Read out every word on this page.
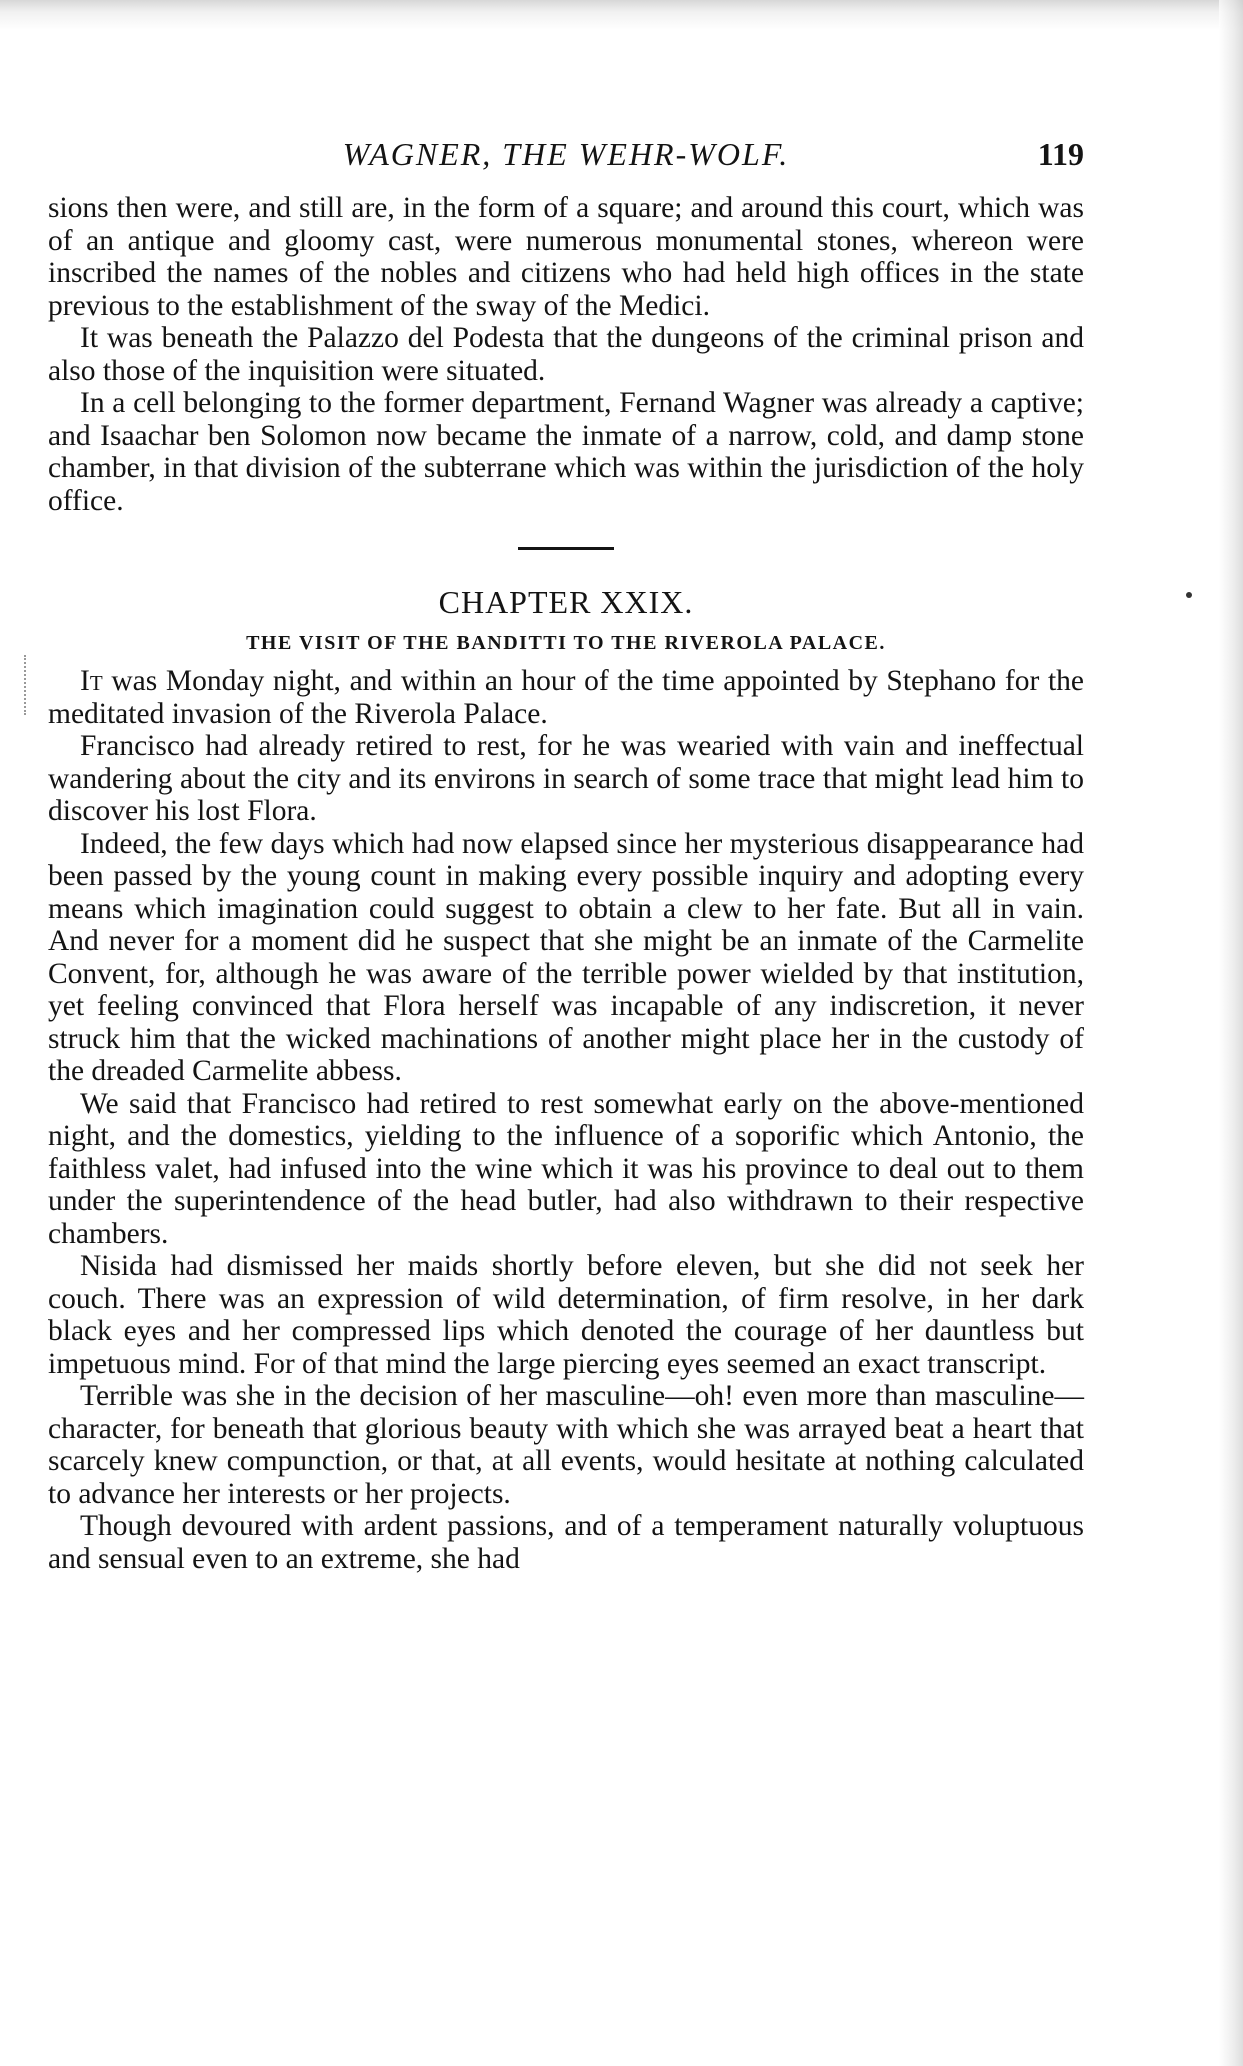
WAGNER, THE WEHR-WOLF.	119

sions then were, and still are, in the form of a square; and around this court, which was of an antique and gloomy cast, were numerous monumental stones, whereon were inscribed the names of the nobles and citizens who had held high offices in the state previous to the establishment of the sway of the Medici.

It was beneath the Palazzo del Podesta that the dungeons of the criminal prison and also those of the inquisition were situated.

In a cell belonging to the former department, Fernand Wagner was already a captive; and Isaachar ben Solomon now became the inmate of a narrow, cold, and damp stone chamber, in that division of the subterrane which was within the jurisdiction of the holy office.

CHAPTER XXIX.
THE VISIT OF THE BANDITTI TO THE RIVEROLA PALACE.

It was Monday night, and within an hour of the time appointed by Stephano for the meditated invasion of the Riverola Palace.

Francisco had already retired to rest, for he was wearied with vain and ineffectual wandering about the city and its environs in search of some trace that might lead him to discover his lost Flora.

Indeed, the few days which had now elapsed since her mysterious disappearance had been passed by the young count in making every possible inquiry and adopting every means which imagination could suggest to obtain a clew to her fate. But all in vain. And never for a moment did he suspect that she might be an inmate of the Carmelite Convent, for, although he was aware of the terrible power wielded by that institution, yet feeling convinced that Flora herself was incapable of any indiscretion, it never struck him that the wicked machinations of another might place her in the custody of the dreaded Carmelite abbess.

We said that Francisco had retired to rest somewhat early on the above-mentioned night, and the domestics, yielding to the influence of a soporific which Antonio, the faithless valet, had infused into the wine which it was his province to deal out to them under the superintendence of the head butler, had also withdrawn to their respective chambers.

Nisida had dismissed her maids shortly before eleven, but she did not seek her couch. There was an expression of wild determination, of firm resolve, in her dark black eyes and her compressed lips which denoted the courage of her dauntless but impetuous mind. For of that mind the large piercing eyes seemed an exact transcript.

Terrible was she in the decision of her masculine—oh! even more than masculine—character, for beneath that glorious beauty with which she was arrayed beat a heart that scarcely knew compunction, or that, at all events, would hesitate at nothing calculated to advance her interests or her projects.

Though devoured with ardent passions, and of a temperament naturally voluptuous and sensual even to an extreme, she had
